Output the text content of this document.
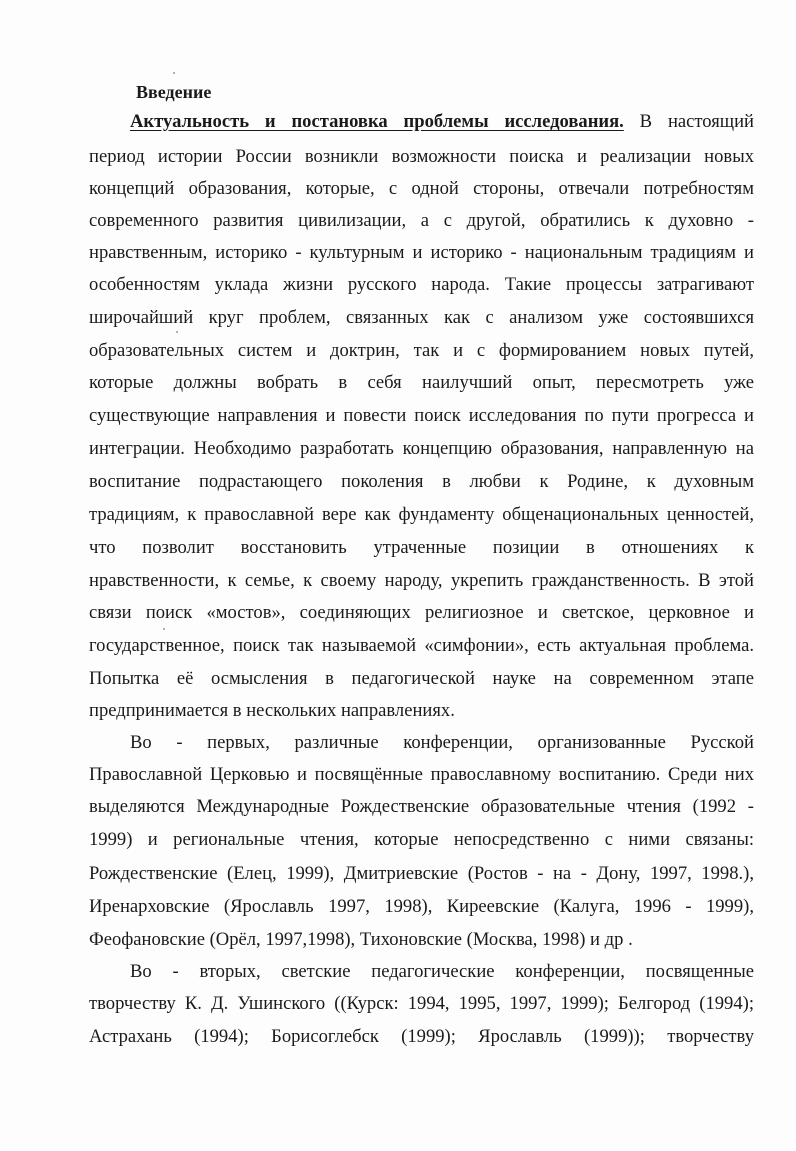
Введение
Актуальность и постановка проблемы исследования. В настоящий
период истории России возникли возможности поиска и реализации новых
концепций образования, которые, с одной стороны, отвечали потребностям
современного развития цивилизации, а с другой, обратились к духовно -
нравственным, историко - культурным и историко - национальным традициям и
особенностям уклада жизни русского народа. Такие процессы затрагивают
широчайший круг проблем, связанных как с анализом уже состоявшихся
образовательных систем и доктрин, так и с формированием новых путей,
которые должны вобрать в себя наилучший опыт, пересмотреть уже
существующие направления и повести поиск исследования по пути прогресса и
интеграции. Необходимо разработать концепцию образования, направленную на
воспитание подрастающего поколения в любви к Родине, к духовным
традициям, к православной вере как фундаменту общенациональных ценностей,
что позволит восстановить утраченные позиции в отношениях к
нравственности, к семье, к своему народу, укрепить гражданственность. В этой
связи поиск «мостов», соединяющих религиозное и светское, церковное и
государственное, поиск так называемой «симфонии», есть актуальная проблема.
Попытка её осмысления в педагогической науке на современном этапе
предпринимается в нескольких направлениях.
Во - первых, различные конференции, организованные Русской
Православной Церковью и посвящённые православному воспитанию. Среди них
выделяются Международные Рождественские образовательные чтения (1992 -
1999) и региональные чтения, которые непосредственно с ними связаны:
Рождественские (Елец, 1999), Дмитриевские (Ростов - на - Дону, 1997, 1998.),
Иренарховские (Ярославль 1997, 1998), Киреевские (Калуга, 1996 - 1999),
Феофановские (Орёл, 1997,1998), Тихоновские (Москва, 1998) и др .
Во - вторых, светские педагогические конференции, посвященные
творчеству К. Д. Ушинского ((Курск: 1994, 1995, 1997, 1999); Белгород (1994);
Астрахань (1994); Борисоглебск (1999); Ярославль (1999)); творчеству
